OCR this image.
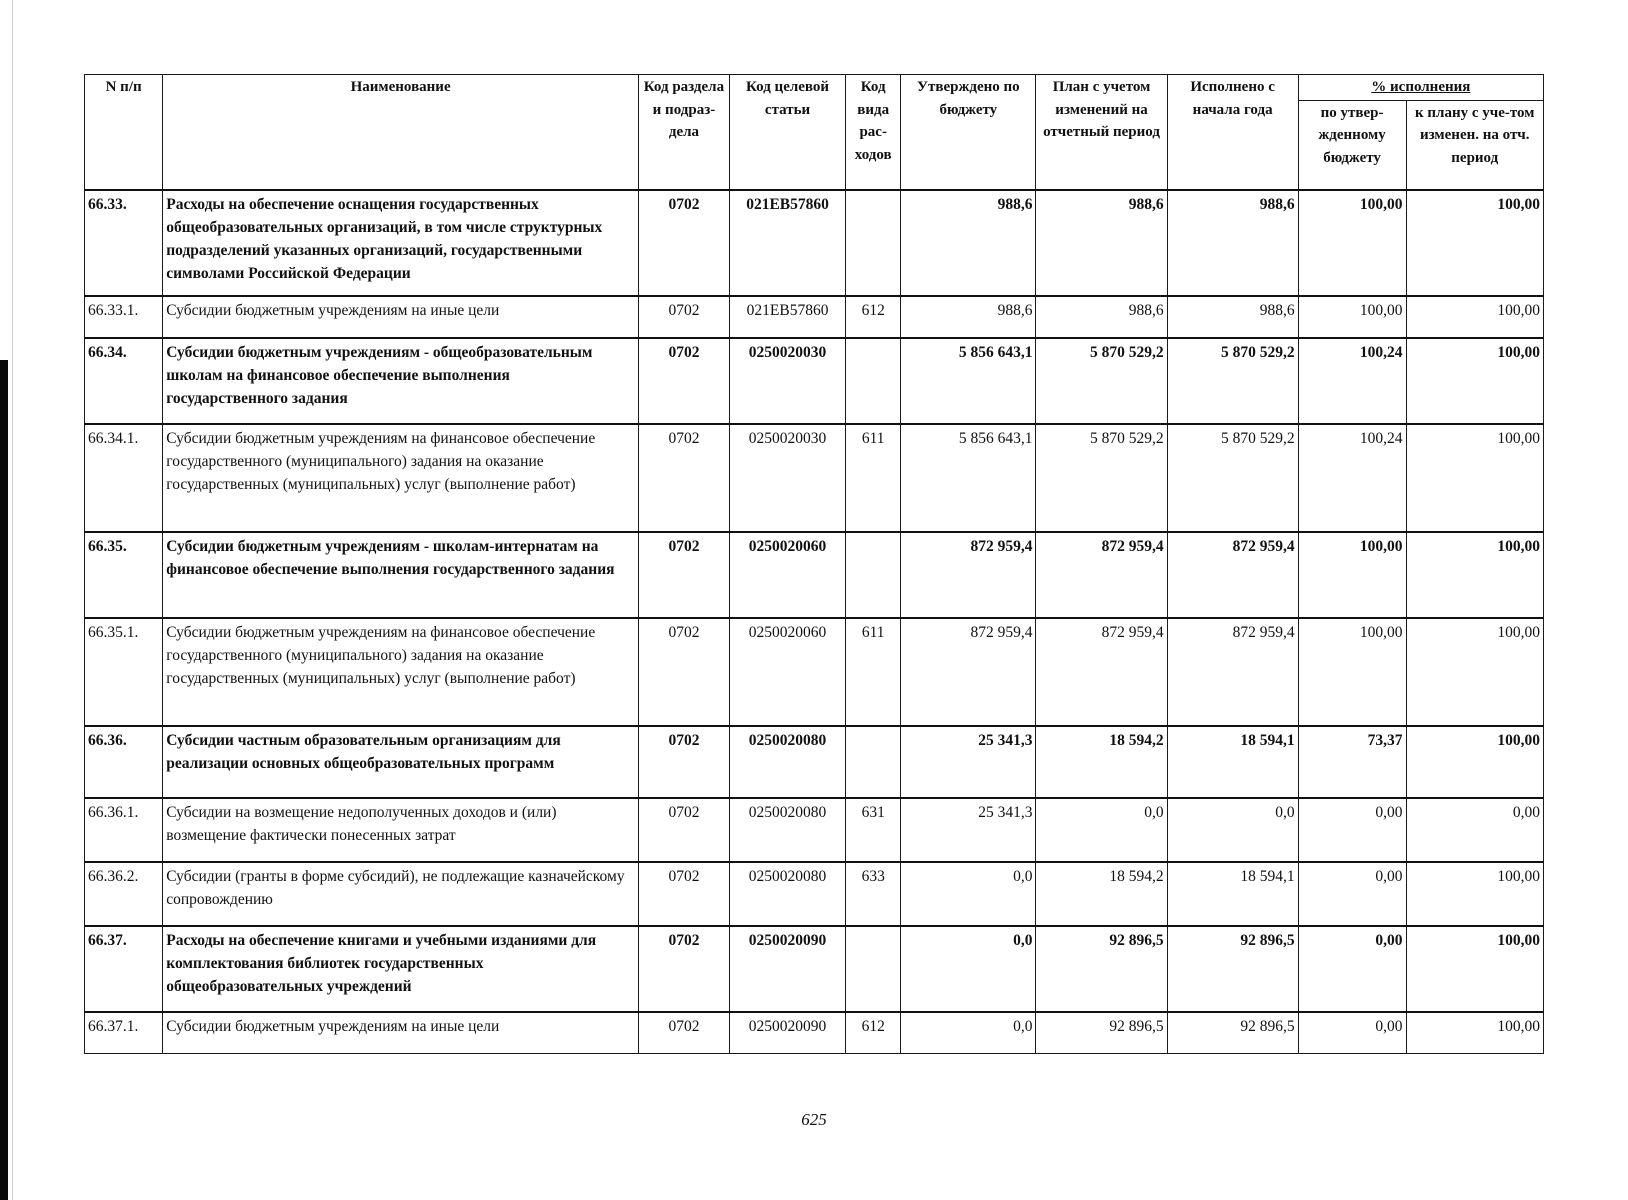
N п/п	Наименование	Код раздела и подраз-дела	Код целевой статьи	Код вида рас-ходов	Утверждено по бюджету	План с учетом изменений на отчетный период	Исполнено с начала года	% исполнения	
								по утвер-жденному бюджету	к плану с уче-том изменен. на отч. период
66.33.	Расходы на обеспечение оснащения государственных общеобразовательных организаций, в том числе структурных подразделений указанных организаций, государственными символами Российской Федерации	0702	021EB57860		988,6	988,6	988,6	100,00	100,00
66.33.1.	Субсидии бюджетным учреждениям на иные цели	0702	021EB57860	612	988,6	988,6	988,6	100,00	100,00
66.34.	Субсидии бюджетным учреждениям - общеобразовательным школам на финансовое обеспечение выполнения государственного задания	0702	0250020030		5 856 643,1	5 870 529,2	5 870 529,2	100,24	100,00
66.34.1.	Субсидии бюджетным учреждениям на финансовое обеспечение государственного (муниципального) задания на оказание государственных (муниципальных) услуг (выполнение работ)	0702	0250020030	611	5 856 643,1	5 870 529,2	5 870 529,2	100,24	100,00
66.35.	Субсидии бюджетным учреждениям - школам-интернатам на финансовое обеспечение выполнения государственного задания	0702	0250020060		872 959,4	872 959,4	872 959,4	100,00	100,00
66.35.1.	Субсидии бюджетным учреждениям на финансовое обеспечение государственного (муниципального) задания на оказание государственных (муниципальных) услуг (выполнение работ)	0702	0250020060	611	872 959,4	872 959,4	872 959,4	100,00	100,00
66.36.	Субсидии частным образовательным организациям для реализации основных общеобразовательных программ	0702	0250020080		25 341,3	18 594,2	18 594,1	73,37	100,00
66.36.1.	Субсидии на возмещение недополученных доходов и (или) возмещение фактически понесенных затрат	0702	0250020080	631	25 341,3	0,0	0,0	0,00	0,00
66.36.2.	Субсидии (гранты в форме субсидий), не подлежащие казначейскому сопровождению	0702	0250020080	633	0,0	18 594,2	18 594,1	0,00	100,00
66.37.	Расходы на обеспечение книгами и учебными изданиями для комплектования библиотек государственных общеобразовательных учреждений	0702	0250020090		0,0	92 896,5	92 896,5	0,00	100,00
66.37.1.	Субсидии бюджетным учреждениям на иные цели	0702	0250020090	612	0,0	92 896,5	92 896,5	0,00	100,00
625
